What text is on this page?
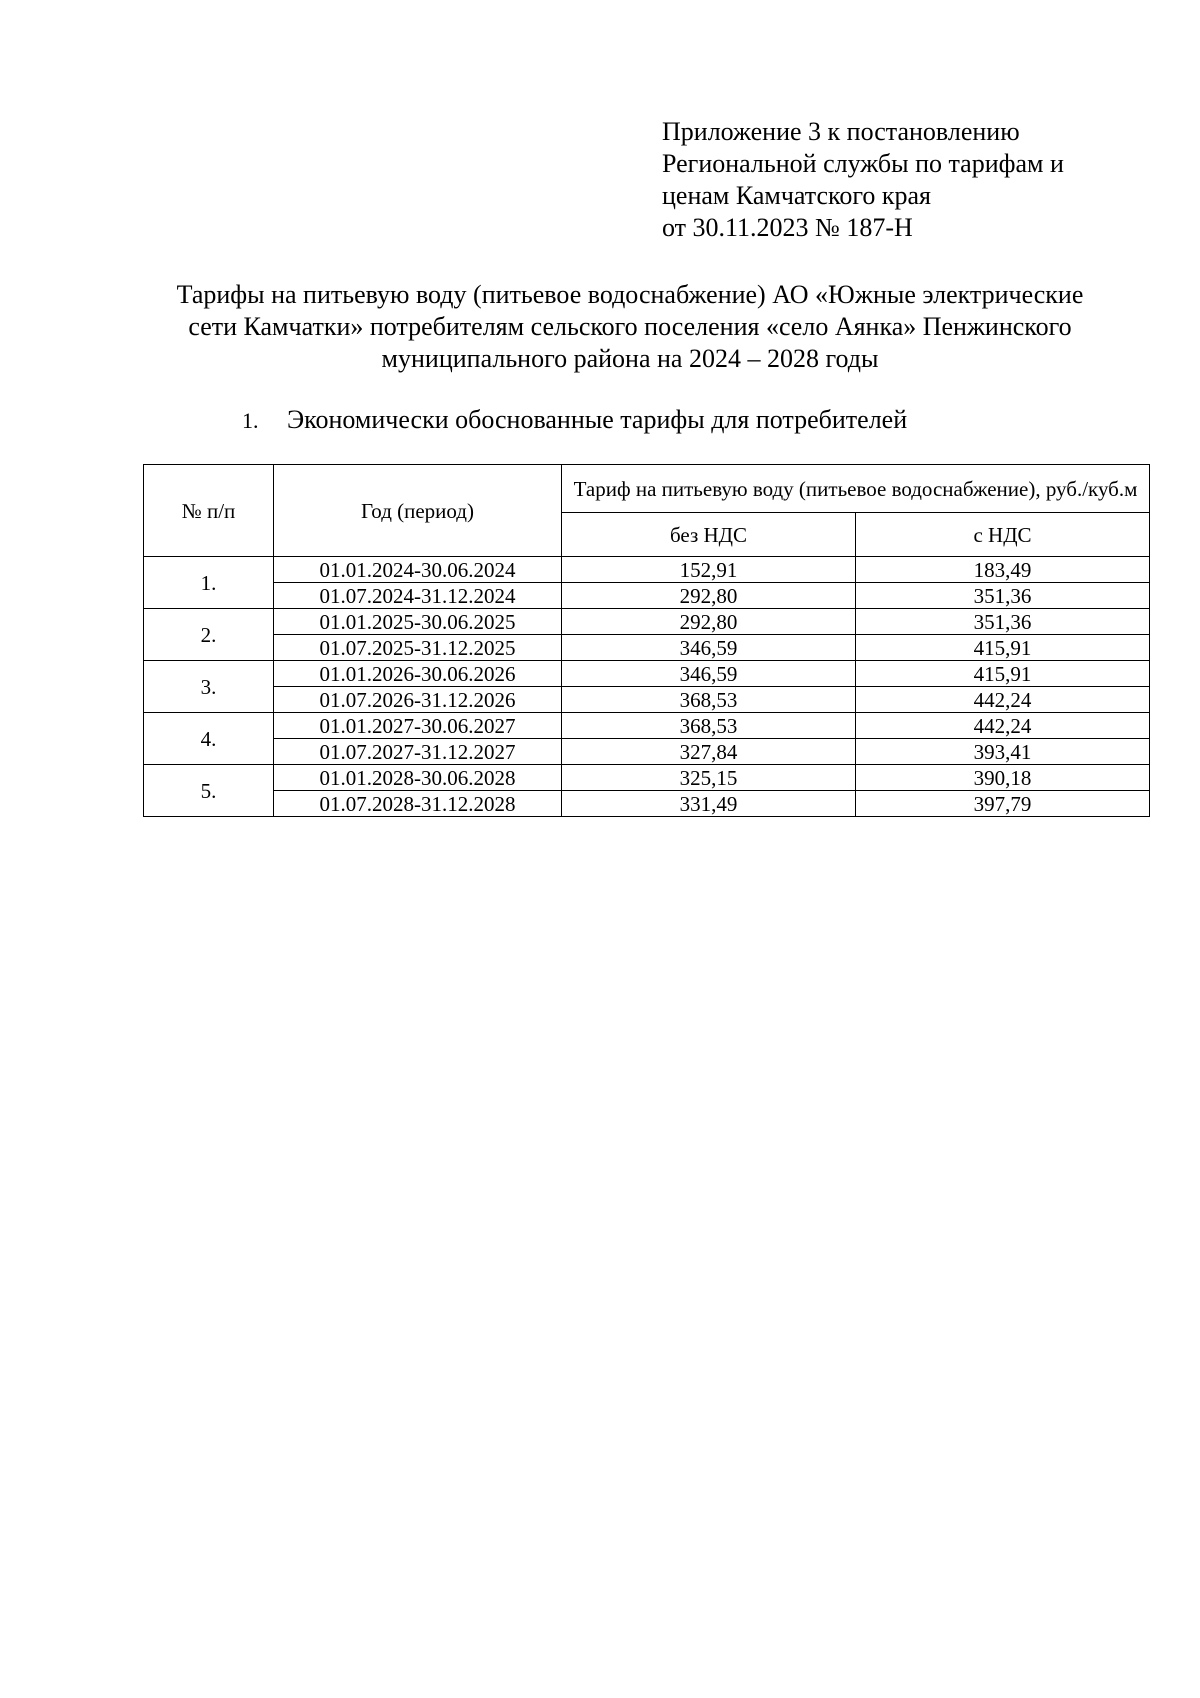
Приложение 3 к постановлению
Региональной службы по тарифам и
ценам Камчатского края
от 30.11.2023 № 187-Н
Тарифы на питьевую воду (питьевое водоснабжение) АО «Южные электрические
сети Камчатки» потребителям сельского поселения «село Аянка» Пенжинского
муниципального района на 2024 – 2028 годы
1. Экономически обоснованные тарифы для потребителей
№ п/п	Год (период)	Тариф на питьевую воду (питьевое водоснабжение), руб./куб.м	
		без НДС	с НДС
1.	01.01.2024-30.06.2024	152,91	183,49
	01.07.2024-31.12.2024	292,80	351,36
2.	01.01.2025-30.06.2025	292,80	351,36
	01.07.2025-31.12.2025	346,59	415,91
3.	01.01.2026-30.06.2026	346,59	415,91
	01.07.2026-31.12.2026	368,53	442,24
4.	01.01.2027-30.06.2027	368,53	442,24
	01.07.2027-31.12.2027	327,84	393,41
5.	01.01.2028-30.06.2028	325,15	390,18
	01.07.2028-31.12.2028	331,49	397,79
